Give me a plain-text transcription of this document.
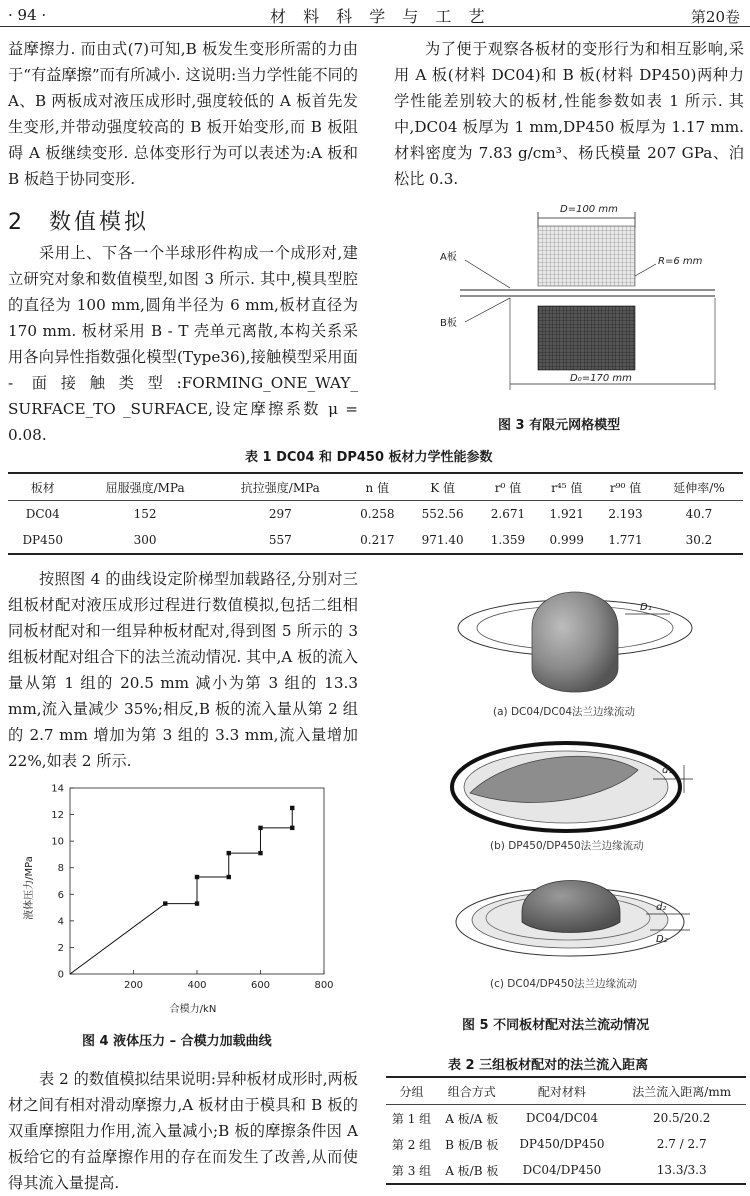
· 94 ·	材 料 科 学 与 工 艺	第20卷

益摩擦力. 而由式(7)可知,B 板发生变形所需的力由于“有益摩擦”而有所减小. 这说明:当力学性能不同的 A、B 两板成对液压成形时,强度较低的 A 板首先发生变形,并带动强度较高的 B 板开始变形,而 B 板阻碍 A 板继续变形. 总体变形行为可以表述为:A 板和 B 板趋于协同变形.

2 数值模拟

采用上、下各一个半球形件构成一个成形对,建立研究对象和数值模型,如图 3 所示. 其中,模具型腔的直径为 100 mm,圆角半径为 6 mm,板材直径为 170 mm. 板材采用 B - T 壳单元离散,本构关系采用各向异性指数强化模型(Type36),接触模型采用面 - 面接触类型:FORMING_ONE_WAY_ SURFACE_TO _SURFACE,设定摩擦系数 μ = 0.08.

为了便于观察各板材的变形行为和相互影响,采用 A 板(材料 DC04)和 B 板(材料 DP450)两种力学性能差别较大的板材,性能参数如表 1 所示. 其中,DC04 板厚为 1 mm,DP450 板厚为 1.17 mm. 材料密度为 7.83 g/cm³、杨氏模量 207 GPa、泊松比 0.3.

D=100 mm
R=6 mm
A板
B板
D₀=170 mm
图 3 有限元网格模型
表 1 DC04 和 DP450 板材力学性能参数
板材	屈服强度/MPa	抗拉强度/MPa	n 值	K 值	r⁰ 值	r⁴⁵ 值	r⁹⁰ 值	延伸率/%
DC04	152	297	0.258	552.56	2.671	1.921	2.193	40.7
DP450	300	557	0.217	971.40	1.359	0.999	1.771	30.2

按照图 4 的曲线设定阶梯型加载路径,分别对三组板材配对液压成形过程进行数值模拟,包括二组相同板材配对和一组异种板材配对,得到图 5 所示的 3 组板材配对组合下的法兰流动情况. 其中,A 板的流入量从第 1 组的 20.5 mm 减小为第 3 组的 13.3 mm,流入量减少 35%;相反,B 板的流入量从第 2 组的 2.7 mm 增加为第 3 组的 3.3 mm,流入量增加 22%,如表 2 所示.

0
2
4
6
8
10
12
14
200	400	600	800
合模力/kN
液体压力/MPa
图 4 液体压力 – 合模力加载曲线

表 2 的数值模拟结果说明:异种板材成形时,两板材之间有相对滑动摩擦力,A 板材由于模具和 B 板的双重摩擦阻力作用,流入量减小;B 板的摩擦条件因 A 板给它的有益摩擦作用的存在而发生了改善,从而使得其流入量提高.

D₁
(a) DC04/DC04法兰边缘流动
d₁
(b) DP450/DP450法兰边缘流动
d₂
D₂
(c) DC04/DP450法兰边缘流动
图 5 不同板材配对法兰流动情况
表 2 三组板材配对的法兰流入距离
分组	组合方式	配对材料	法兰流入距离/mm
第 1 组	A 板/A 板	DC04/DC04	20.5/20.2
第 2 组	B 板/B 板	DP450/DP450	2.7 / 2.7
第 3 组	A 板/B 板	DC04/DP450	13.3/3.3
